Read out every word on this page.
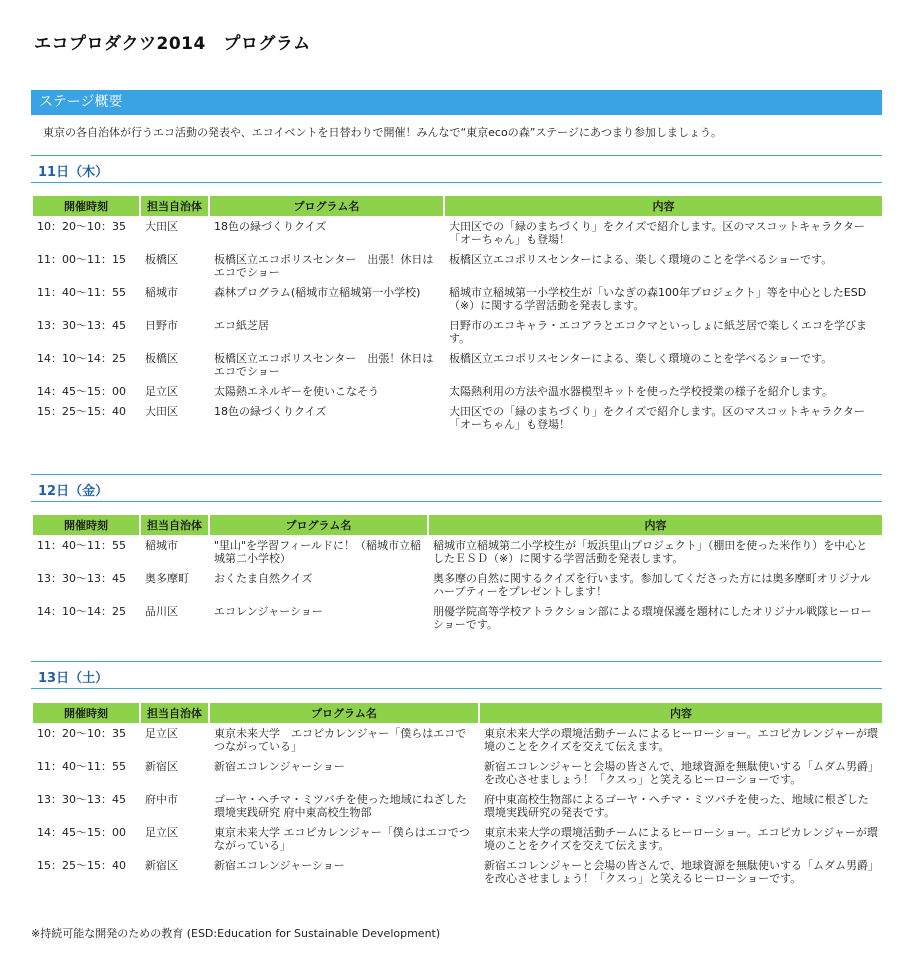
エコプロダクツ2014　プログラム
ステージ概要
東京の各自治体が行うエコ活動の発表や、エコイベントを日替わりで開催！みんなで“東京ecoの森”ステージにあつまり参加しましょう。
11日（木）
開催時刻	担当自治体	プログラム名	内容
10：20～10：35	大田区	18色の緑づくりクイズ	大田区での「緑のまちづくり」をクイズで紹介します。区のマスコットキャラクター「オーちゃん」も登場！
11：00～11：15	板橋区	板橋区立エコポリスセンター　出張！休日はエコでショー	板橋区立エコポリスセンターによる、楽しく環境のことを学べるショーです。
11：40～11：55	稲城市	森林プログラム(稲城市立稲城第一小学校)	稲城市立稲城第一小学校生が「いなぎの森100年プロジェクト」等を中心としたESD（※）に関する学習活動を発表します。
13：30～13：45	日野市	エコ紙芝居	日野市のエコキャラ・エコアラとエコクマといっしょに紙芝居で楽しくエコを学びます。
14：10～14：25	板橋区	板橋区立エコポリスセンター　出張！休日はエコでショー	板橋区立エコポリスセンターによる、楽しく環境のことを学べるショーです。
14：45～15：00	足立区	太陽熱エネルギーを使いこなそう	太陽熱利用の方法や温水器模型キットを使った学校授業の様子を紹介します。
15：25～15：40	大田区	18色の緑づくりクイズ	大田区での「緑のまちづくり」をクイズで紹介します。区のマスコットキャラクター「オーちゃん」も登場！
12日（金）
開催時刻	担当自治体	プログラム名	内容
11：40～11：55	稲城市	"里山"を学習フィールドに！（稲城市立稲城第二小学校）	稲城市立稲城第二小学校生が「坂浜里山プロジェクト」（棚田を使った米作り）を中心としたＥＳＤ（※）に関する学習活動を発表します。
13：30～13：45	奥多摩町	おくたま自然クイズ	奥多摩の自然に関するクイズを行います。参加してくださった方には奥多摩町オリジナルハーブティーをプレゼントします！
14：10～14：25	品川区	エコレンジャーショー	朋優学院高等学校アトラクション部による環境保護を題材にしたオリジナル戦隊ヒーローショーです。
13日（土）
開催時刻	担当自治体	プログラム名	内容
10：20～10：35	足立区	東京未来大学　エコピカレンジャー「僕らはエコでつながっている」	東京未来大学の環境活動チームによるヒーローショー。エコピカレンジャーが環境のことをクイズを交えて伝えます。
11：40～11：55	新宿区	新宿エコレンジャーショー	新宿エコレンジャーと会場の皆さんで、地球資源を無駄使いする「ムダム男爵」を改心させましょう！「クスっ」と笑えるヒーローショーです。
13：30～13：45	府中市	ゴーヤ・ヘチマ・ミツバチを使った地域にねざした環境実践研究 府中東高校生物部	府中東高校生物部によるゴーヤ・ヘチマ・ミツバチを使った、地域に根ざした環境実践研究の発表です。
14：45～15：00	足立区	東京未来大学 エコピカレンジャー「僕らはエコでつながっている」	東京未来大学の環境活動チームによるヒーローショー。エコピカレンジャーが環境のことをクイズを交えて伝えます。
15：25～15：40	新宿区	新宿エコレンジャーショー	新宿エコレンジャーと会場の皆さんで、地球資源を無駄使いする「ムダム男爵」を改心させましょう！「クスっ」と笑えるヒーローショーです。
※持続可能な開発のための教育 (ESD:Education for Sustainable Development)
